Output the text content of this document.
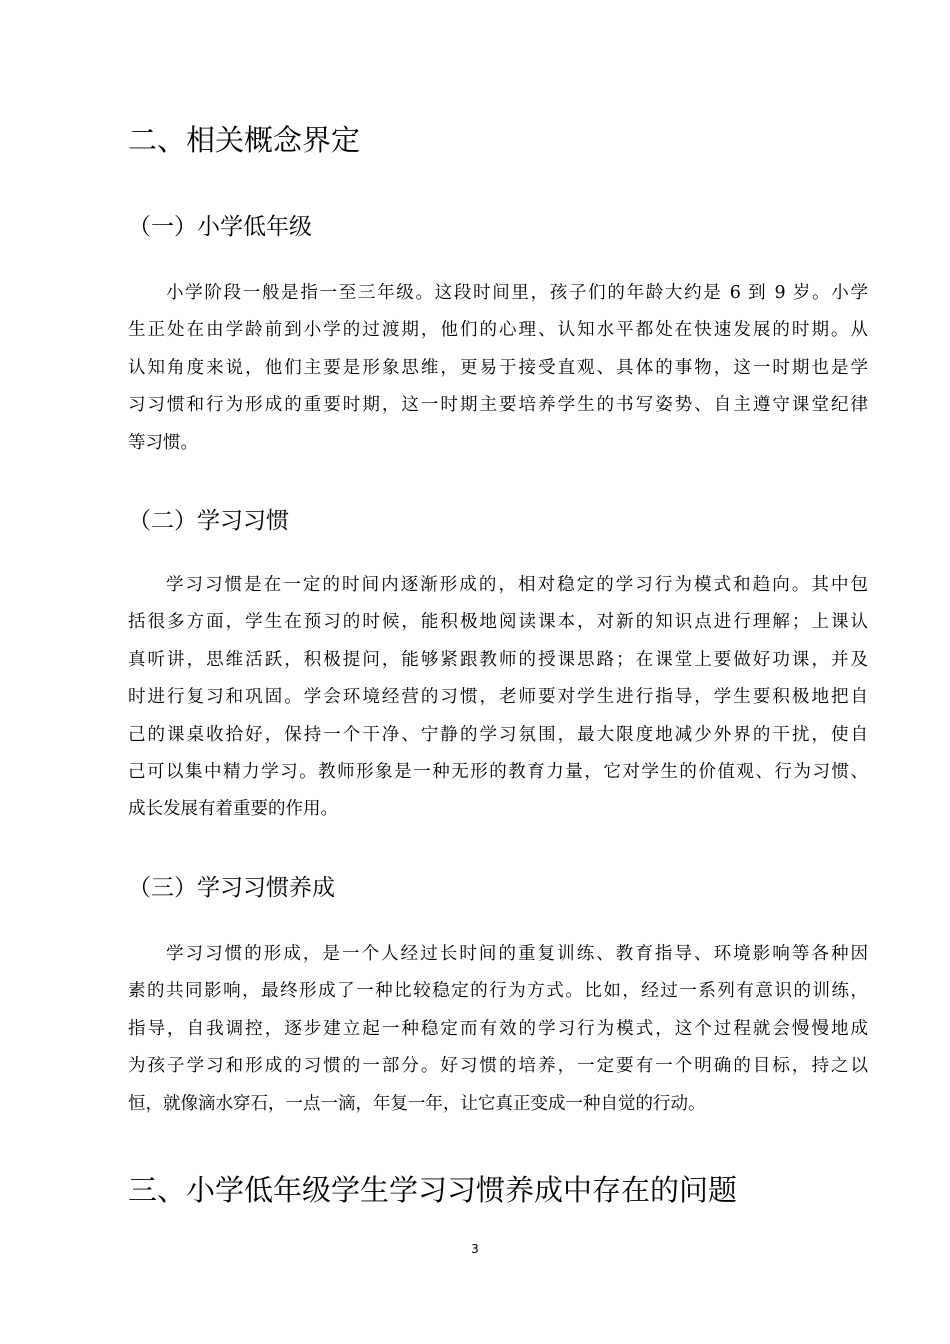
二、相关概念界定
（一）小学低年级
小学阶段一般是指一至三年级。这段时间里，孩子们的年龄大约是 6 到 9 岁。小学
生正处在由学龄前到小学的过渡期，他们的心理、认知水平都处在快速发展的时期。从
认知角度来说，他们主要是形象思维，更易于接受直观、具体的事物，这一时期也是学
习习惯和行为形成的重要时期，这一时期主要培养学生的书写姿势、自主遵守课堂纪律
等习惯。
（二）学习习惯
学习习惯是在一定的时间内逐渐形成的，相对稳定的学习行为模式和趋向。其中包
括很多方面，学生在预习的时候，能积极地阅读课本，对新的知识点进行理解；上课认
真听讲，思维活跃，积极提问，能够紧跟教师的授课思路；在课堂上要做好功课，并及
时进行复习和巩固。学会环境经营的习惯，老师要对学生进行指导，学生要积极地把自
己的课桌收拾好，保持一个干净、宁静的学习氛围，最大限度地减少外界的干扰，使自
己可以集中精力学习。教师形象是一种无形的教育力量，它对学生的价值观、行为习惯、
成长发展有着重要的作用。
（三）学习习惯养成
学习习惯的形成，是一个人经过长时间的重复训练、教育指导、环境影响等各种因
素的共同影响，最终形成了一种比较稳定的行为方式。比如，经过一系列有意识的训练，
指导，自我调控，逐步建立起一种稳定而有效的学习行为模式，这个过程就会慢慢地成
为孩子学习和形成的习惯的一部分。好习惯的培养，一定要有一个明确的目标，持之以
恒，就像滴水穿石，一点一滴，年复一年，让它真正变成一种自觉的行动。
三、小学低年级学生学习习惯养成中存在的问题
3
